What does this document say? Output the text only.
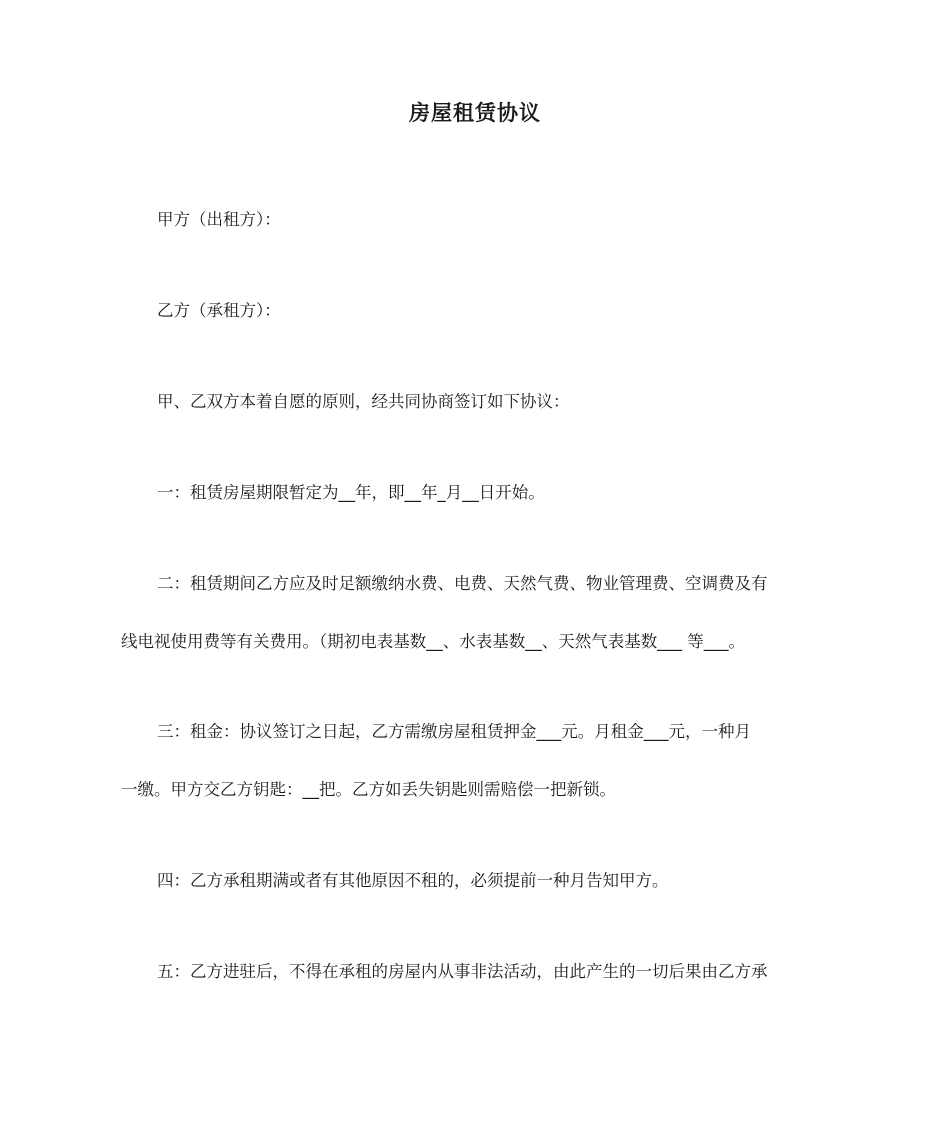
房屋租赁协议
甲方（出租方）：
乙方（承租方）：
甲、乙双方本着自愿的原则，经共同协商签订如下协议：
一：租赁房屋期限暂定为__年，即__年_月__日开始。
二：租赁期间乙方应及时足额缴纳水费、电费、天然气费、物业管理费、空调费及有
线电视使用费等有关费用。（期初电表基数__、水表基数__、天然气表基数___ 等___。
三：租金：协议签订之日起，乙方需缴房屋租赁押金___元。月租金___元，一种月
一缴。甲方交乙方钥匙：__把。乙方如丢失钥匙则需赔偿一把新锁。
四：乙方承租期满或者有其他原因不租的，必须提前一种月告知甲方。
五：乙方进驻后，不得在承租的房屋内从事非法活动，由此产生的一切后果由乙方承
